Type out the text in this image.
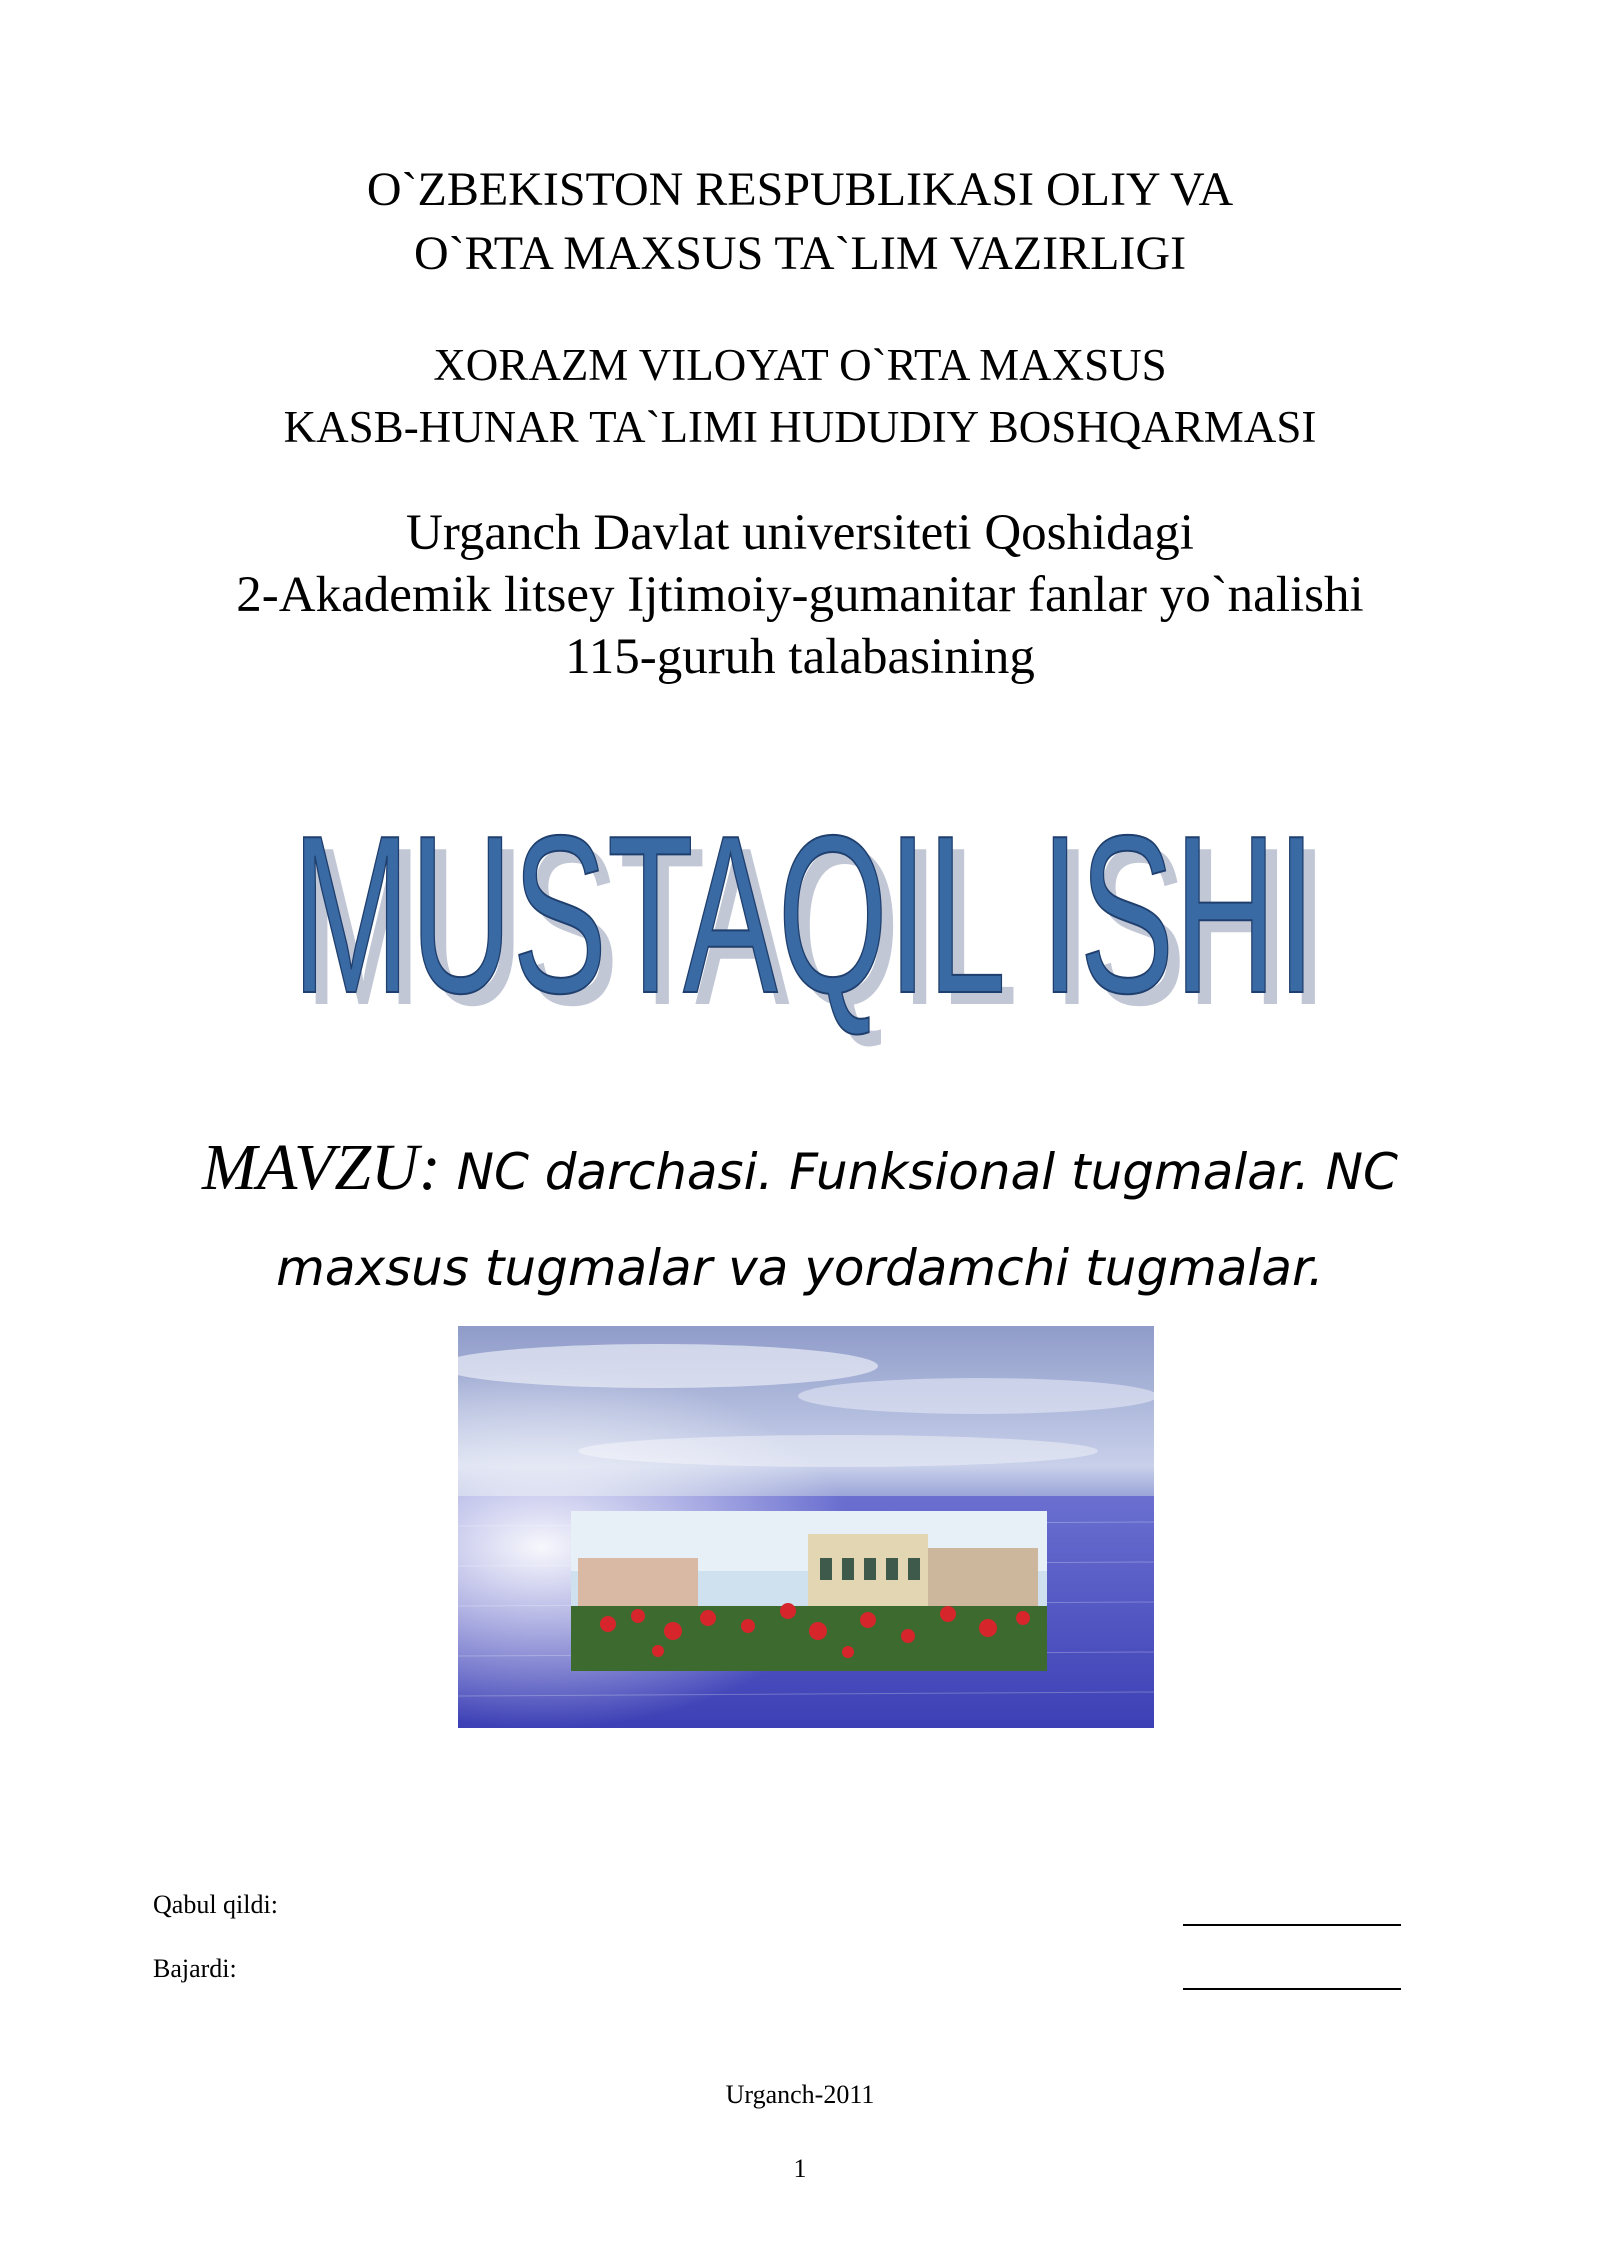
O`ZBEKISTON RESPUBLIKASI OLIY VA
O`RTA MAXSUS TA`LIM VAZIRLIGI
XORAZM VILOYAT O`RTA MAXSUS
KASB-HUNAR TA`LIMI HUDUDIY BOSHQARMASI
Urganch Davlat universiteti Qoshidagi
2-Akademik litsey Ijtimoiy-gumanitar fanlar yo`nalishi
115-guruh talabasining
MUSTAQIL ISHI
MUSTAQIL ISHI
MAVZU: NC darchasi. Funksional tugmalar. NC
maxsus tugmalar va yordamchi tugmalar.
Qabul qildi:
Bajardi:
Urganch-2011
1
